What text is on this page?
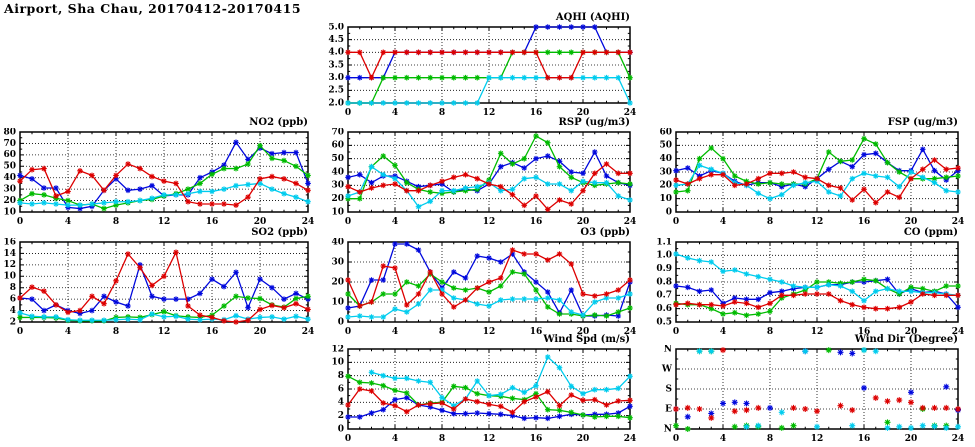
Airport, Sha Chau, 20170412-20170415
AQHI (AQHI)
NO2 (ppb)	RSP (ug/m3)	FSP (ug/m3)
SO2 (ppb)	O3 (ppb)	CO (ppm)
Wind Spd (m/s)	Wind Dir (Degree)
